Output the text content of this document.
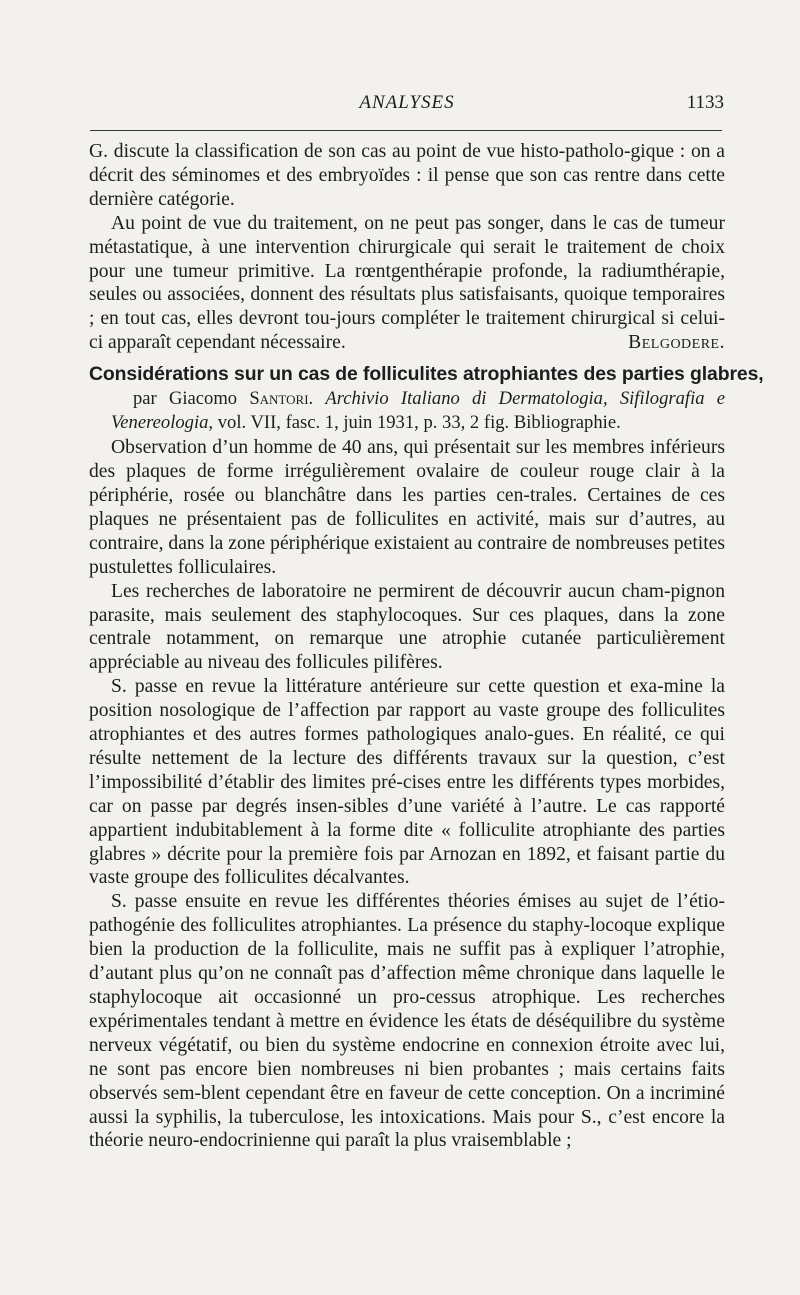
ANALYSES	1133

G. discute la classification de son cas au point de vue histo-patholo-gique : on a décrit des séminomes et des embryoïdes : il pense que son cas rentre dans cette dernière catégorie.

Au point de vue du traitement, on ne peut pas songer, dans le cas de tumeur métastatique, à une intervention chirurgicale qui serait le traitement de choix pour une tumeur primitive. La rœntgenthérapie profonde, la radiumthérapie, seules ou associées, donnent des résultats plus satisfaisants, quoique temporaires ; en tout cas, elles devront tou-jours compléter le traitement chirurgical si celui-ci apparaît cependant nécessaire.	Belgodere.

Considérations sur un cas de folliculites atrophiantes des parties glabres,

par Giacomo Santori. Archivio Italiano di Dermatologia, Sifilografia e Venereologia, vol. VII, fasc. 1, juin 1931, p. 33, 2 fig. Bibliographie.

Observation d’un homme de 40 ans, qui présentait sur les membres inférieurs des plaques de forme irrégulièrement ovalaire de couleur rouge clair à la périphérie, rosée ou blanchâtre dans les parties cen-trales. Certaines de ces plaques ne présentaient pas de folliculites en activité, mais sur d’autres, au contraire, dans la zone périphérique existaient au contraire de nombreuses petites pustulettes folliculaires.

Les recherches de laboratoire ne permirent de découvrir aucun cham-pignon parasite, mais seulement des staphylocoques. Sur ces plaques, dans la zone centrale notamment, on remarque une atrophie cutanée particulièrement appréciable au niveau des follicules pilifères.

S. passe en revue la littérature antérieure sur cette question et exa-mine la position nosologique de l’affection par rapport au vaste groupe des folliculites atrophiantes et des autres formes pathologiques analo-gues. En réalité, ce qui résulte nettement de la lecture des différents travaux sur la question, c’est l’impossibilité d’établir des limites pré-cises entre les différents types morbides, car on passe par degrés insen-sibles d’une variété à l’autre. Le cas rapporté appartient indubitablement à la forme dite « folliculite atrophiante des parties glabres » décrite pour la première fois par Arnozan en 1892, et faisant partie du vaste groupe des folliculites décalvantes.

S. passe ensuite en revue les différentes théories émises au sujet de l’étio-pathogénie des folliculites atrophiantes. La présence du staphy-locoque explique bien la production de la folliculite, mais ne suffit pas à expliquer l’atrophie, d’autant plus qu’on ne connaît pas d’affection même chronique dans laquelle le staphylocoque ait occasionné un pro-cessus atrophique. Les recherches expérimentales tendant à mettre en évidence les états de déséquilibre du système nerveux végétatif, ou bien du système endocrine en connexion étroite avec lui, ne sont pas encore bien nombreuses ni bien probantes ; mais certains faits observés sem-blent cependant être en faveur de cette conception. On a incriminé aussi la syphilis, la tuberculose, les intoxications. Mais pour S., c’est encore la théorie neuro-endocrinienne qui paraît la plus vraisemblable ;
